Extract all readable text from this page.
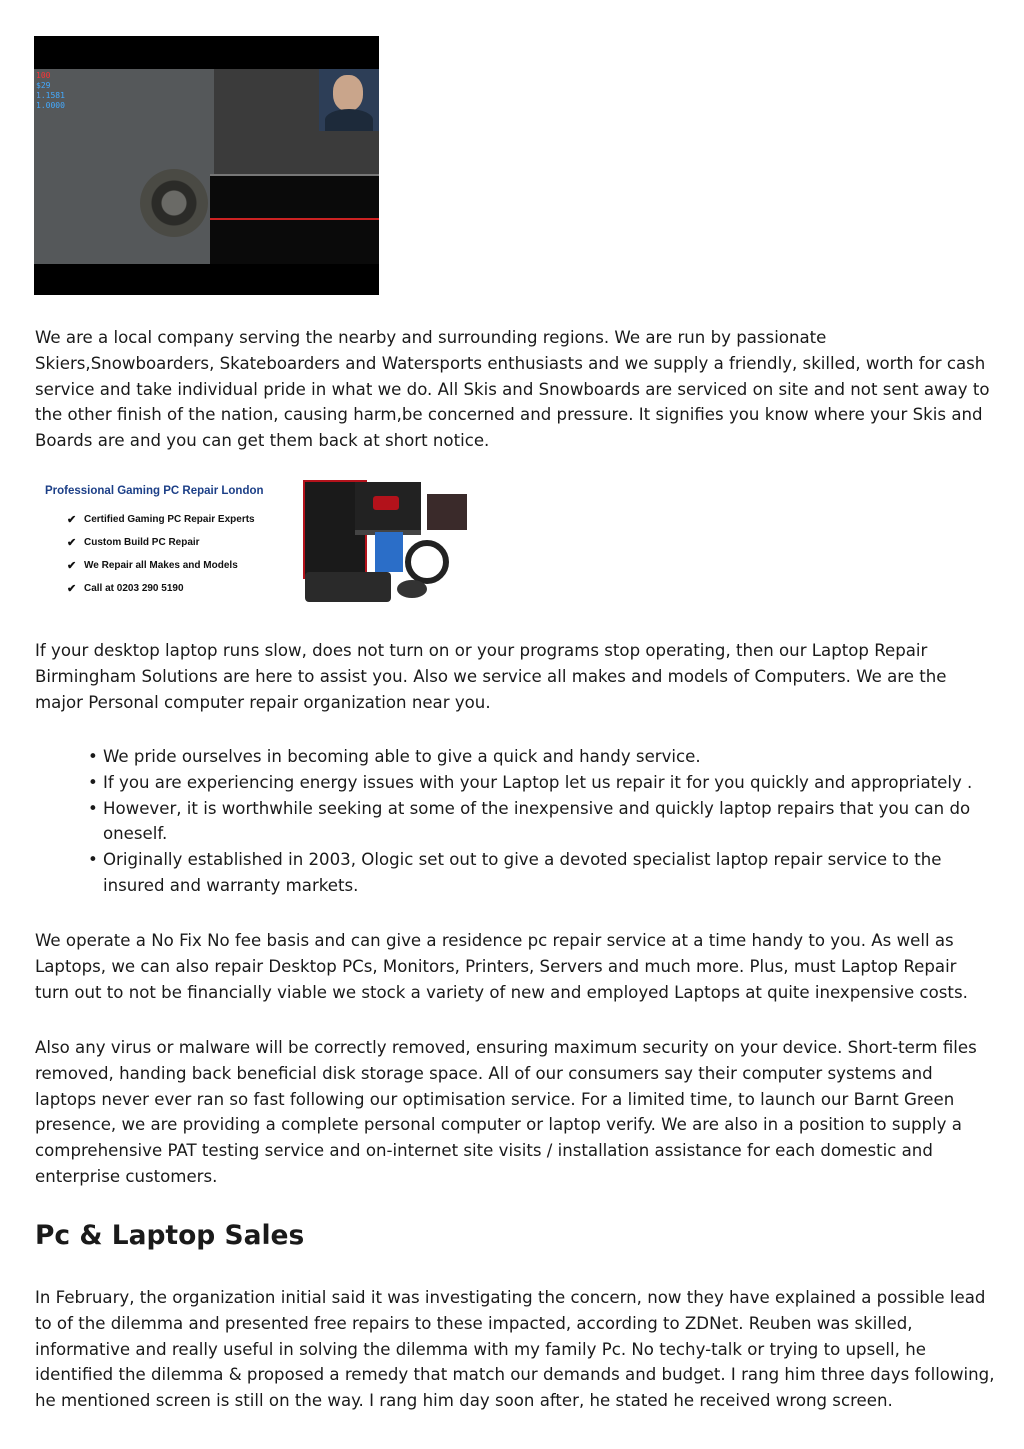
100
$29
1.1581
1.0000

We are a local company serving the nearby and surrounding regions. We are run by passionate Skiers,Snowboarders, Skateboarders and Watersports enthusiasts and we supply a friendly, skilled, worth for cash service and take individual pride in what we do. All Skis and Snowboards are serviced on site and not sent away to the other finish of the nation, causing harm,be concerned and pressure. It signifies you know where your Skis and Boards are and you can get them back at short notice.

Professional Gaming PC Repair London
✔ Certified Gaming PC Repair Experts
✔ Custom Build PC Repair
✔ We Repair all Makes and Models
✔ Call at 0203 290 5190

If your desktop laptop runs slow, does not turn on or your programs stop operating, then our Laptop Repair Birmingham Solutions are here to assist you. Also we service all makes and models of Computers. We are the major Personal computer repair organization near you.

• We pride ourselves in becoming able to give a quick and handy service.
• If you are experiencing energy issues with your Laptop let us repair it for you quickly and appropriately .
• However, it is worthwhile seeking at some of the inexpensive and quickly laptop repairs that you can do oneself.
• Originally established in 2003, Ologic set out to give a devoted specialist laptop repair service to the insured and warranty markets.

We operate a No Fix No fee basis and can give a residence pc repair service at a time handy to you. As well as Laptops, we can also repair Desktop PCs, Monitors, Printers, Servers and much more. Plus, must Laptop Repair turn out to not be financially viable we stock a variety of new and employed Laptops at quite inexpensive costs.

Also any virus or malware will be correctly removed, ensuring maximum security on your device. Short-term files removed, handing back beneficial disk storage space. All of our consumers say their computer systems and laptops never ever ran so fast following our optimisation service. For a limited time, to launch our Barnt Green presence, we are providing a complete personal computer or laptop verify. We are also in a position to supply a comprehensive PAT testing service and on-internet site visits / installation assistance for each domestic and enterprise customers.

Pc & Laptop Sales

In February, the organization initial said it was investigating the concern, now they have explained a possible lead to of the dilemma and presented free repairs to these impacted, according to ZDNet. Reuben was skilled, informative and really useful in solving the dilemma with my family Pc. No techy-talk or trying to upsell, he identified the dilemma & proposed a remedy that match our demands and budget. I rang him three days following, he mentioned screen is still on the way. I rang him day soon after, he stated he received wrong screen.
